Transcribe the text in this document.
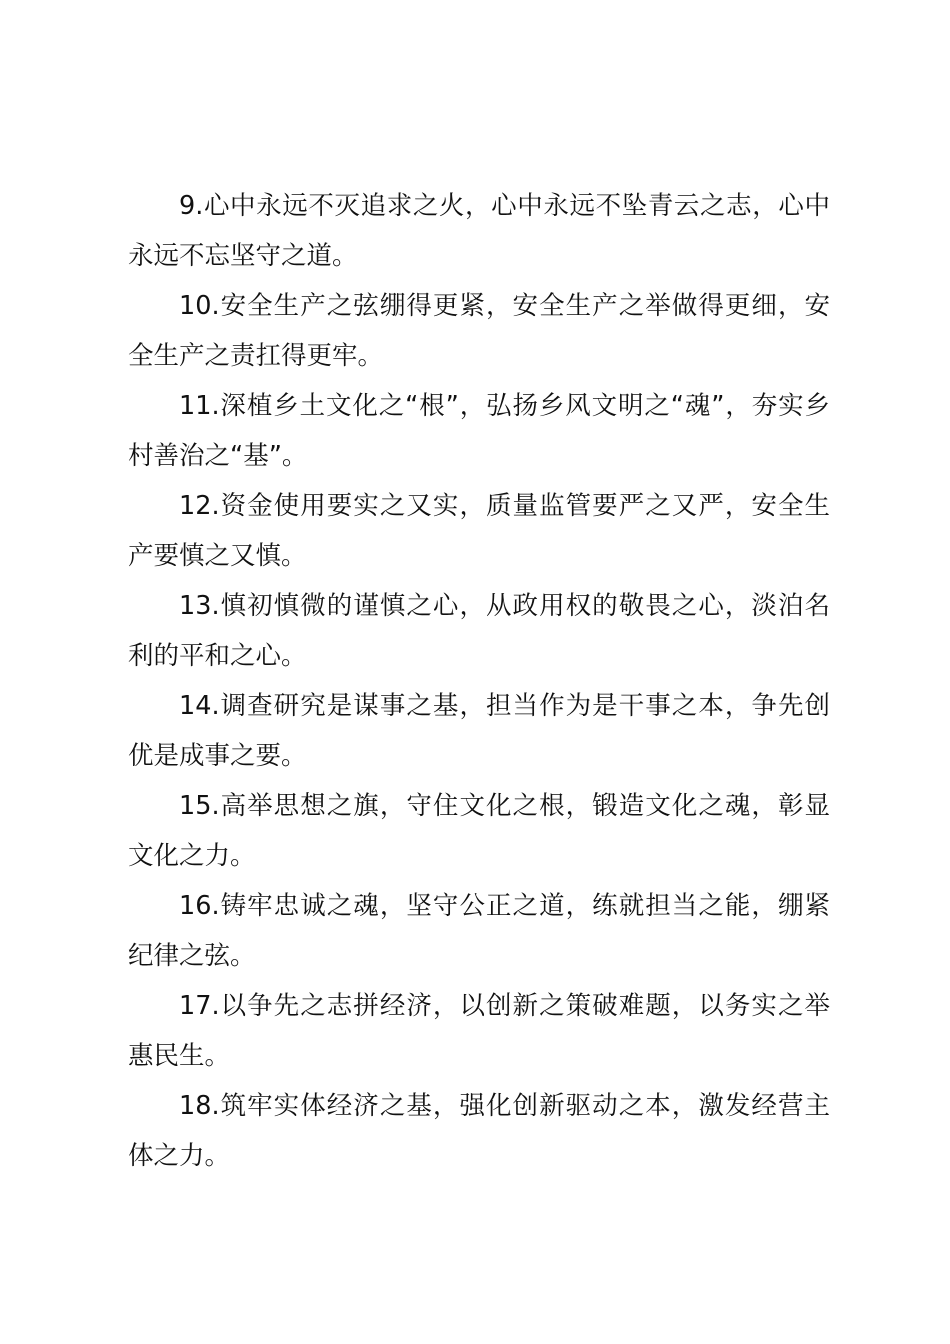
9.心中永远不灭追求之火，心中永远不坠青云之志，心中永远不忘坚守之道。

10.安全生产之弦绷得更紧，安全生产之举做得更细，安全生产之责扛得更牢。

11.深植乡土文化之“根”，弘扬乡风文明之“魂”，夯实乡村善治之“基”。

12.资金使用要实之又实，质量监管要严之又严，安全生产要慎之又慎。

13.慎初慎微的谨慎之心，从政用权的敬畏之心，淡泊名利的平和之心。

14.调查研究是谋事之基，担当作为是干事之本，争先创优是成事之要。

15.高举思想之旗，守住文化之根，锻造文化之魂，彰显文化之力。

16.铸牢忠诚之魂，坚守公正之道，练就担当之能，绷紧纪律之弦。

17.以争先之志拼经济，以创新之策破难题，以务实之举惠民生。

18.筑牢实体经济之基，强化创新驱动之本，激发经营主体之力。
